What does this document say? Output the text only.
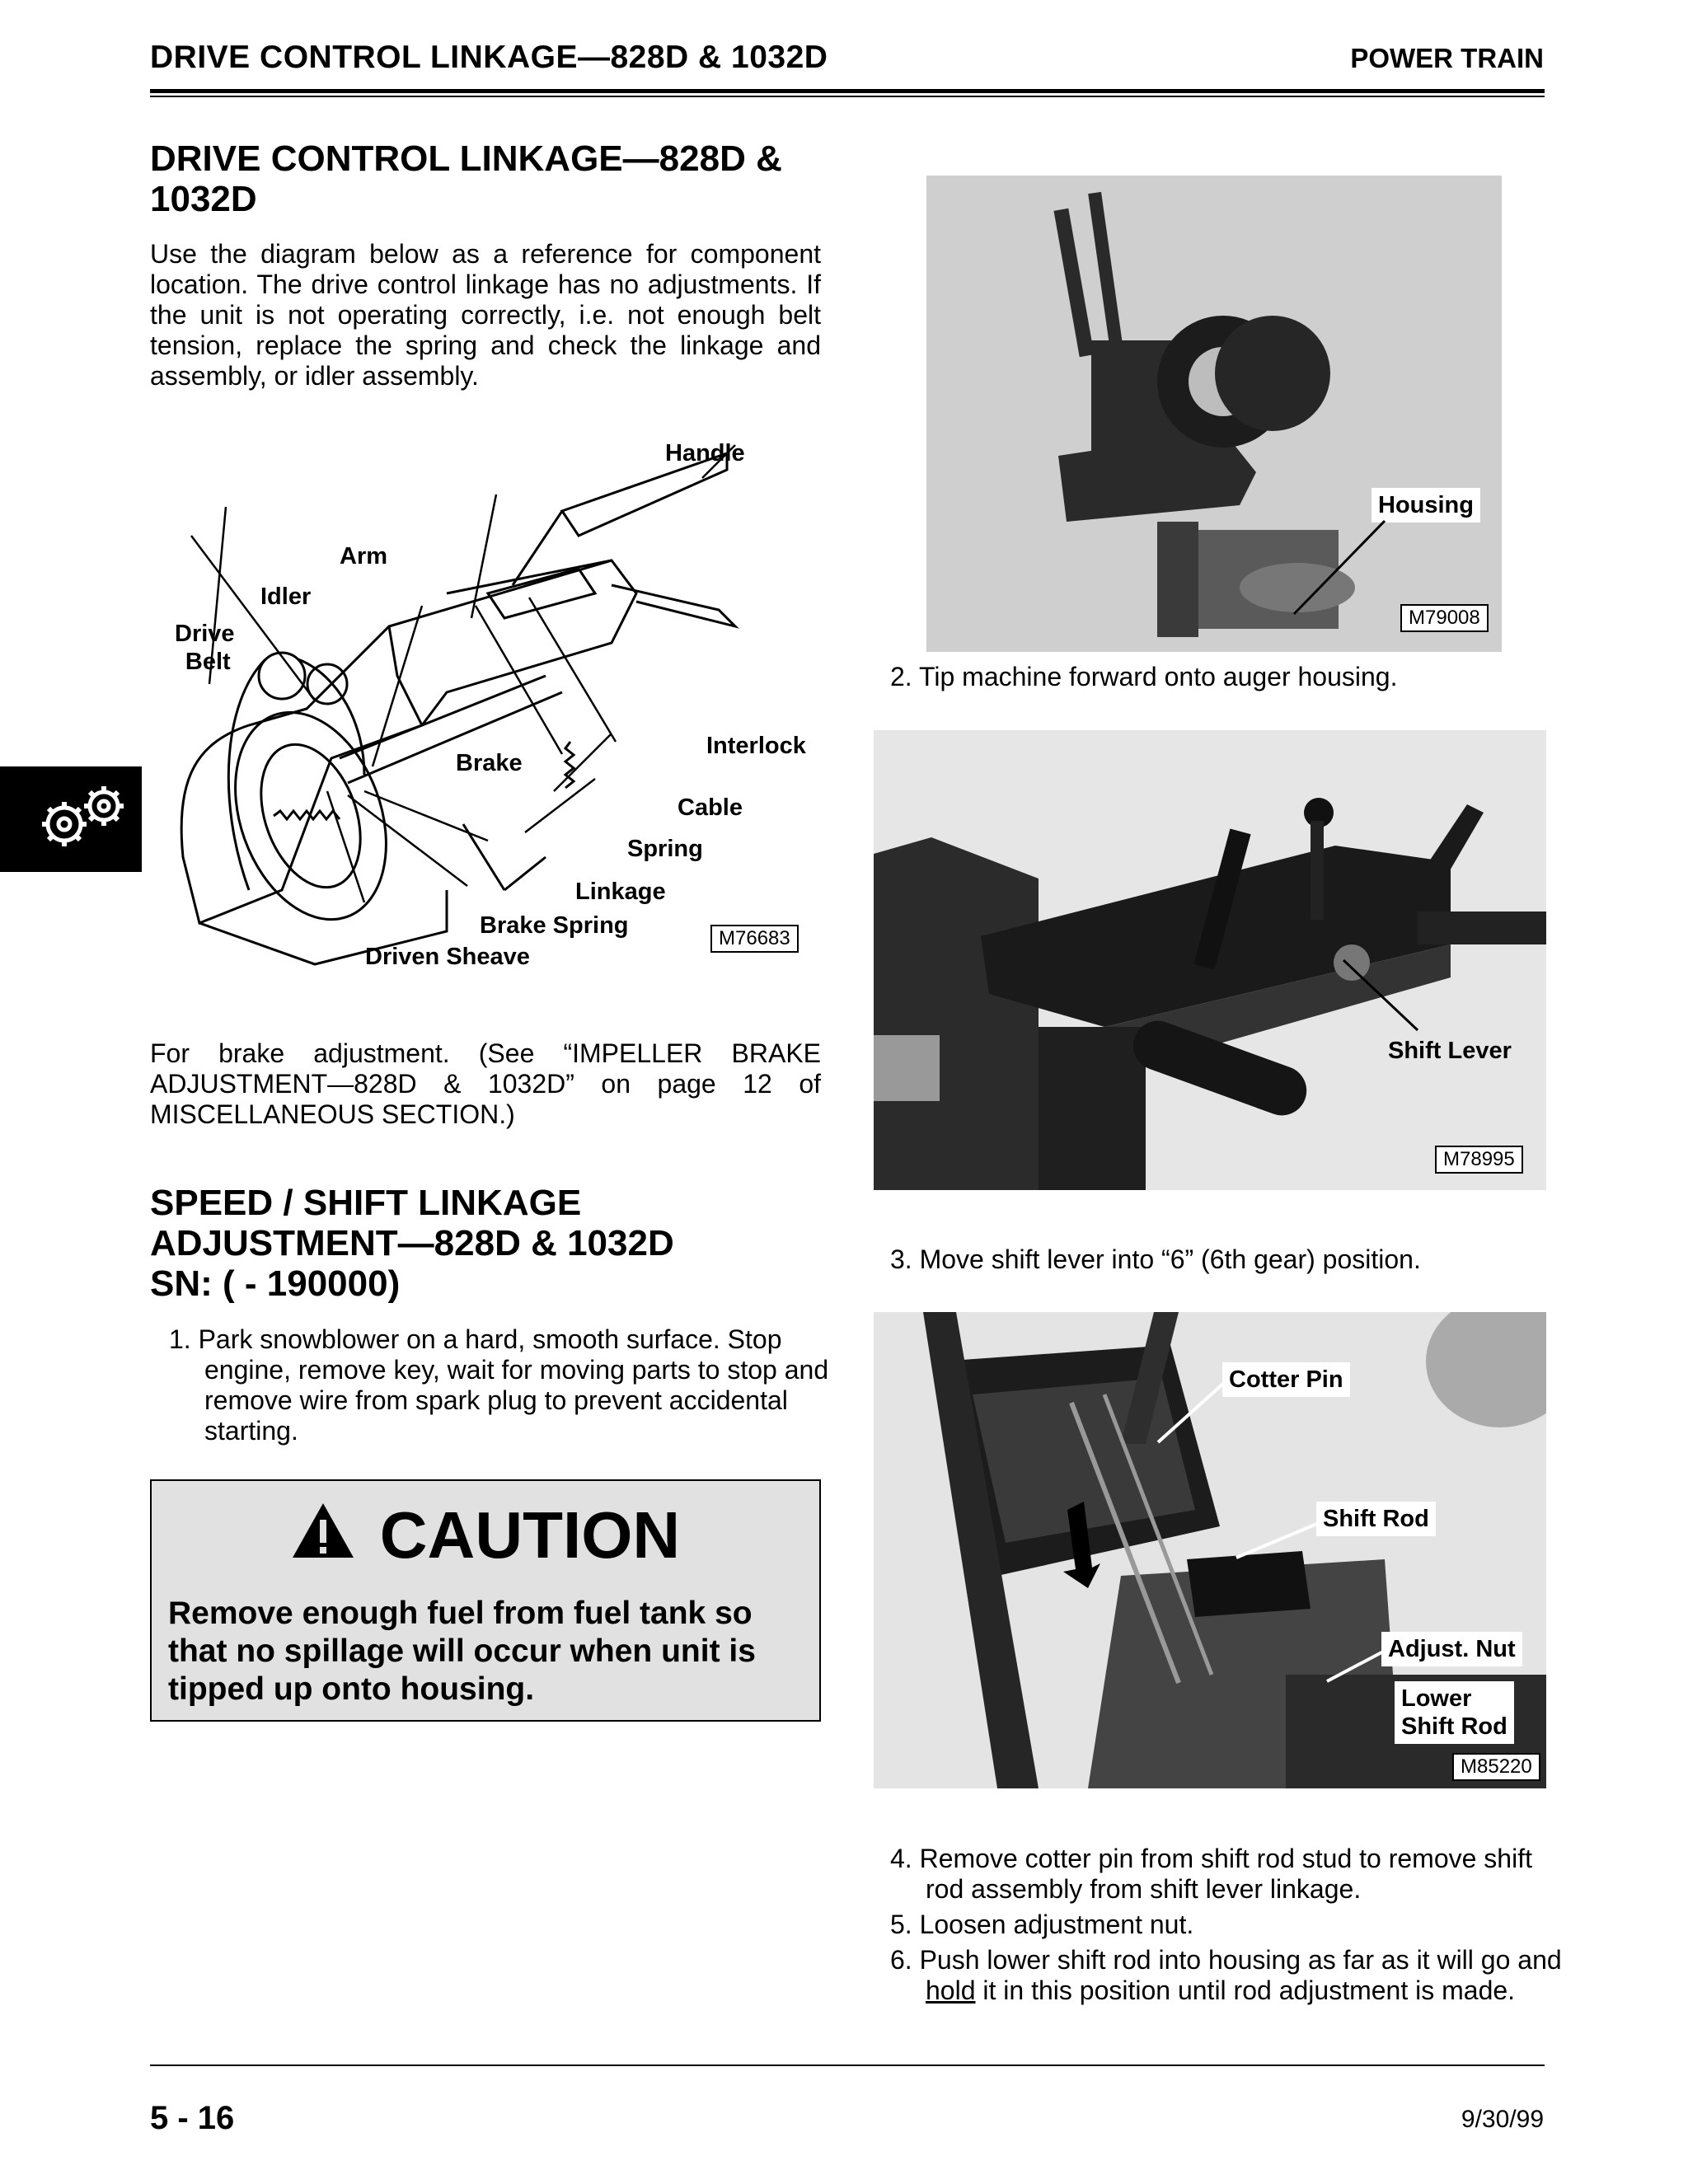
DRIVE CONTROL LINKAGE—828D & 1032D	POWER TRAIN
DRIVE CONTROL LINKAGE—828D &
1032D
Use the diagram below as a reference for component location. The drive control linkage has no adjustments. If the unit is not operating correctly, i.e. not enough belt tension, replace the spring and check the linkage and assembly, or idler assembly.
Handle
Arm
Idler
Drive
Belt
Brake
Interlock
Cable
Spring
Linkage
Brake Spring
Driven Sheave
M76683
For brake adjustment. (See “IMPELLER BRAKE ADJUSTMENT—828D & 1032D” on page 12 of MISCELLANEOUS SECTION.)
SPEED / SHIFT LINKAGE
ADJUSTMENT—828D & 1032D
SN: ( - 190000)
1. Park snowblower on a hard, smooth surface. Stop engine, remove key, wait for moving parts to stop and remove wire from spark plug to prevent accidental starting.
CAUTION
Remove enough fuel from fuel tank so that no spillage will occur when unit is tipped up onto housing.
Housing
M79008
2. Tip machine forward onto auger housing.
Shift Lever
M78995
3. Move shift lever into “6” (6th gear) position.
Cotter Pin
Shift Rod
Adjust. Nut
Lower
Shift Rod
M85220
4. Remove cotter pin from shift rod stud to remove shift rod assembly from shift lever linkage.
5. Loosen adjustment nut.
6. Push lower shift rod into housing as far as it will go and hold it in this position until rod adjustment is made.
5 - 16	9/30/99
